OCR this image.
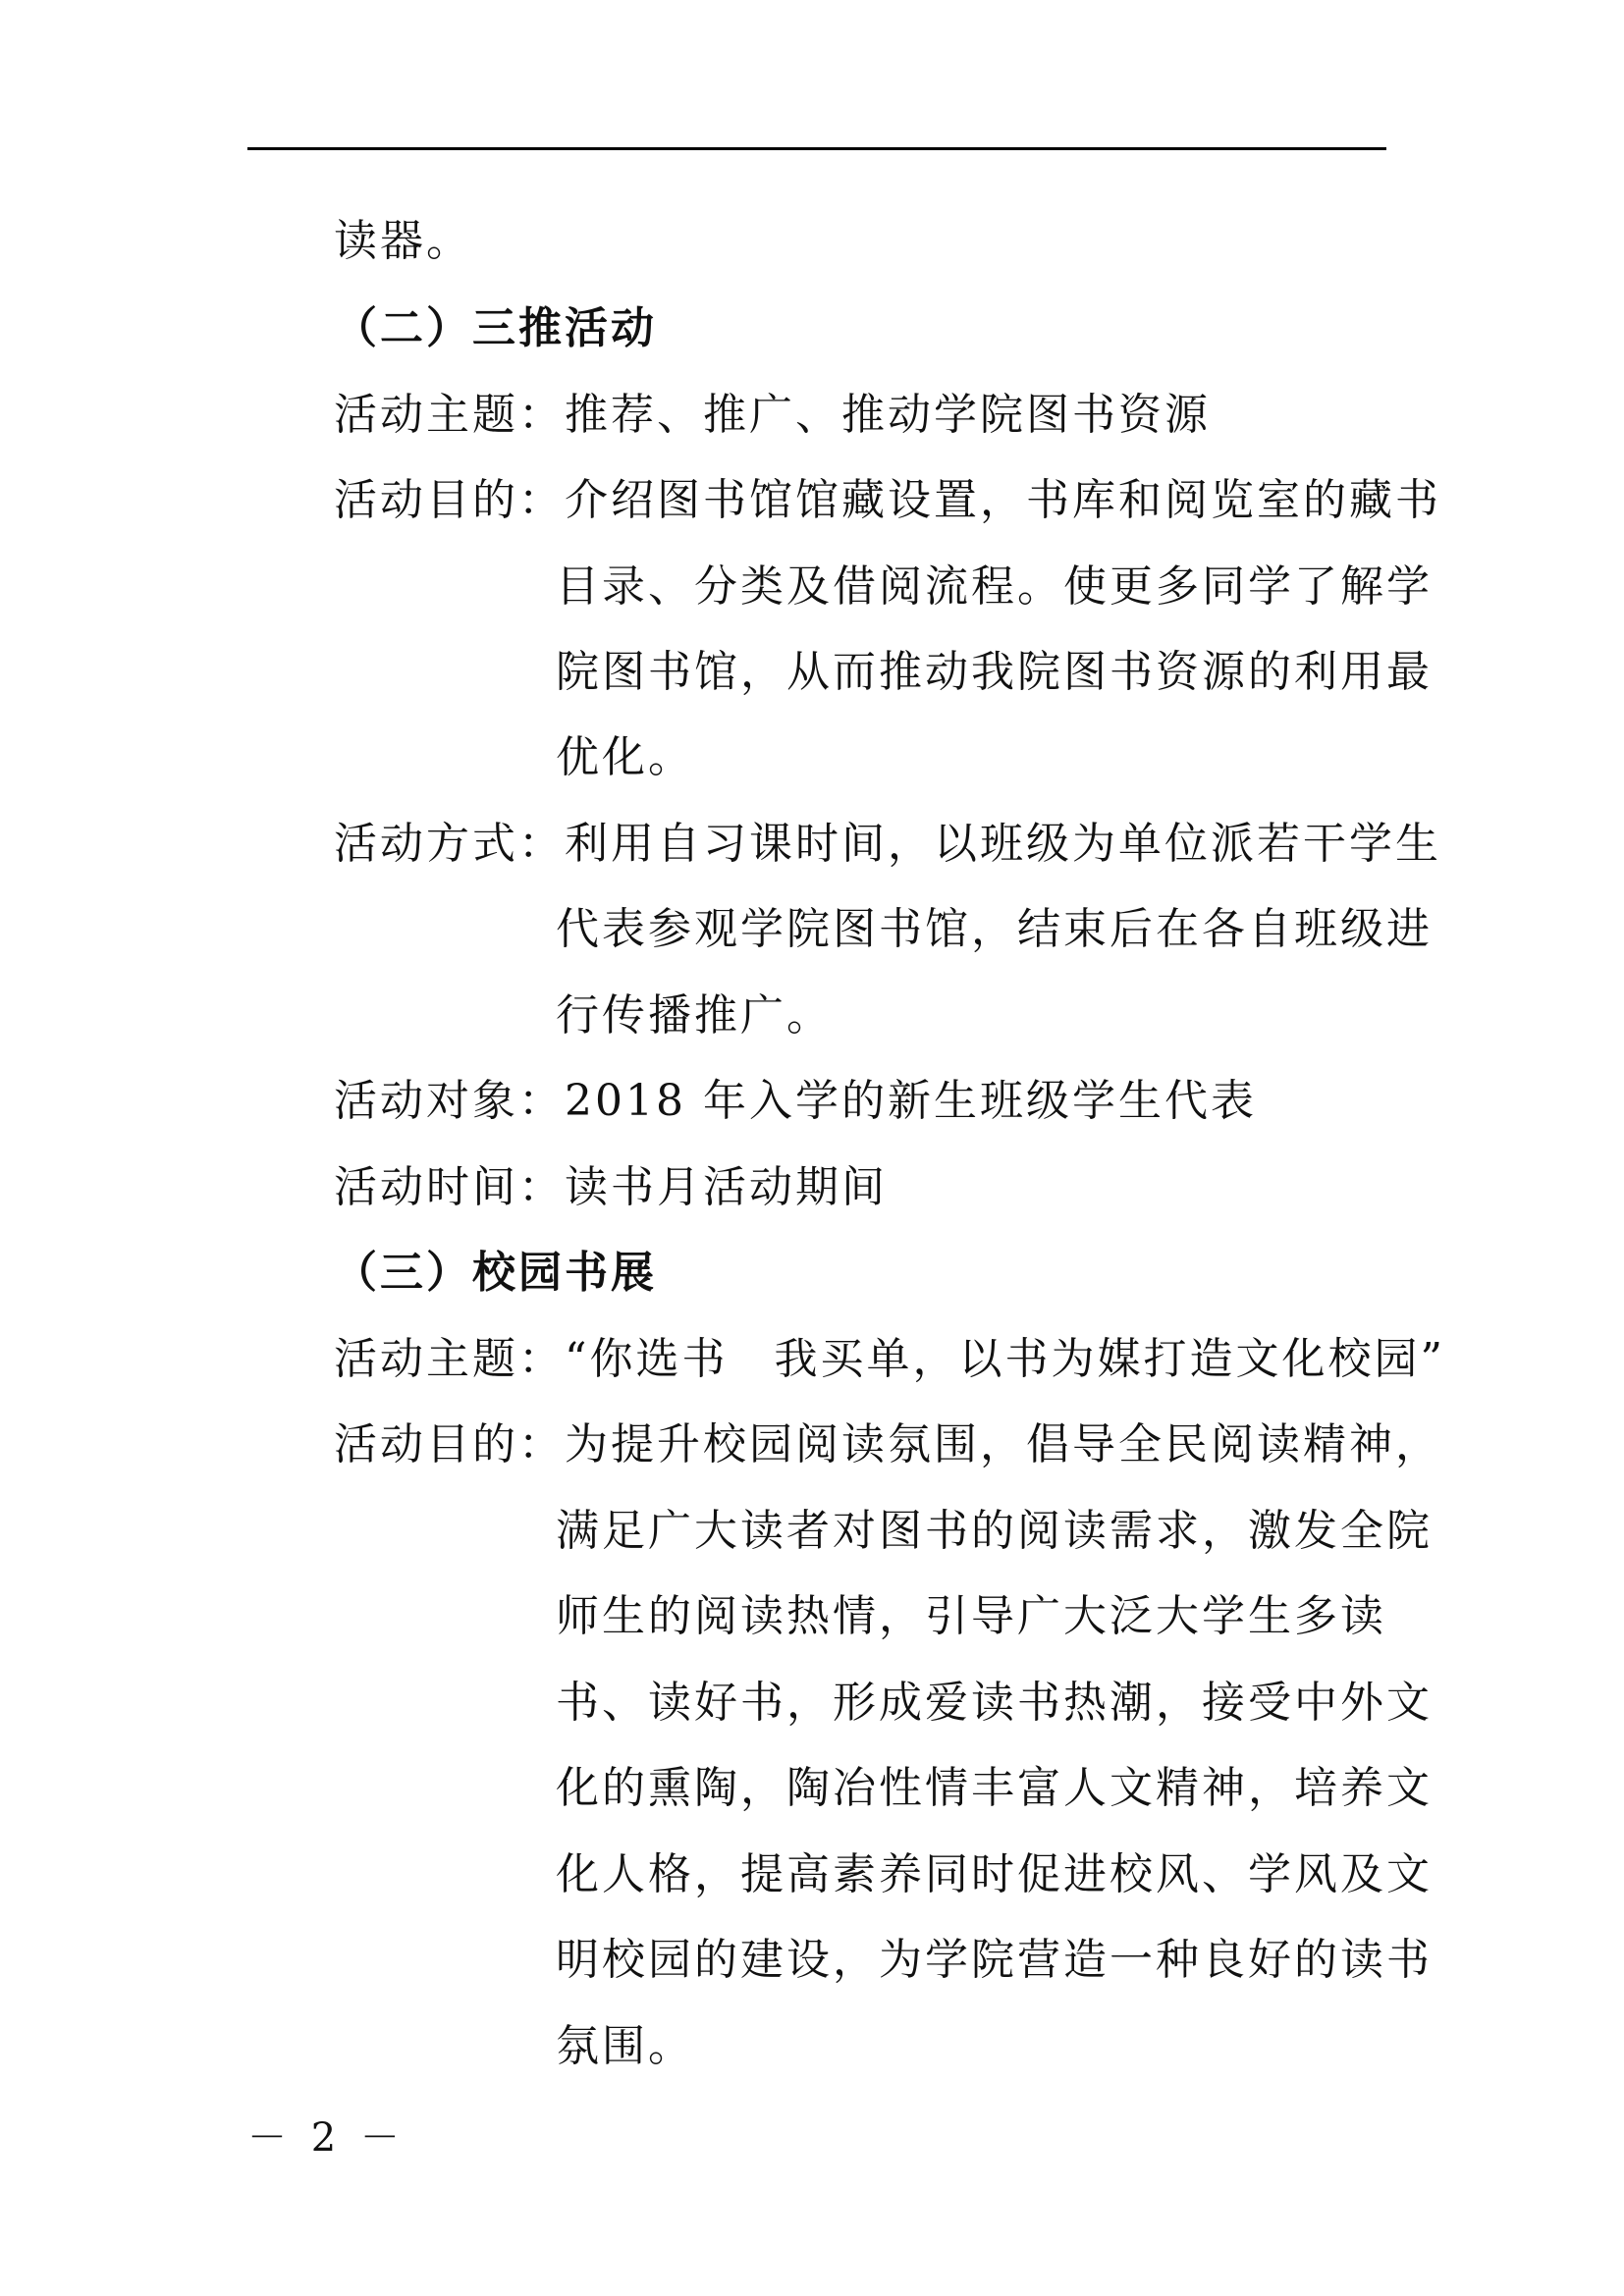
读器。
（二）三推活动
活动主题：推荐、推广、推动学院图书资源
活动目的：介绍图书馆馆藏设置，书库和阅览室的藏书
目录、分类及借阅流程。使更多同学了解学
院图书馆，从而推动我院图书资源的利用最
优化。
活动方式：利用自习课时间，以班级为单位派若干学生
代表参观学院图书馆，结束后在各自班级进
行传播推广。
活动对象：2018 年入学的新生班级学生代表
活动时间：读书月活动期间
（三）校园书展
活动主题：“你选书　我买单，以书为媒打造文化校园”
活动目的：为提升校园阅读氛围，倡导全民阅读精神，
满足广大读者对图书的阅读需求，激发全院
师生的阅读热情，引导广大泛大学生多读
书、读好书，形成爱读书热潮，接受中外文
化的熏陶，陶冶性情丰富人文精神，培养文
化人格，提高素养同时促进校风、学风及文
明校园的建设，为学院营造一种良好的读书
氛围。
－ 2 －
